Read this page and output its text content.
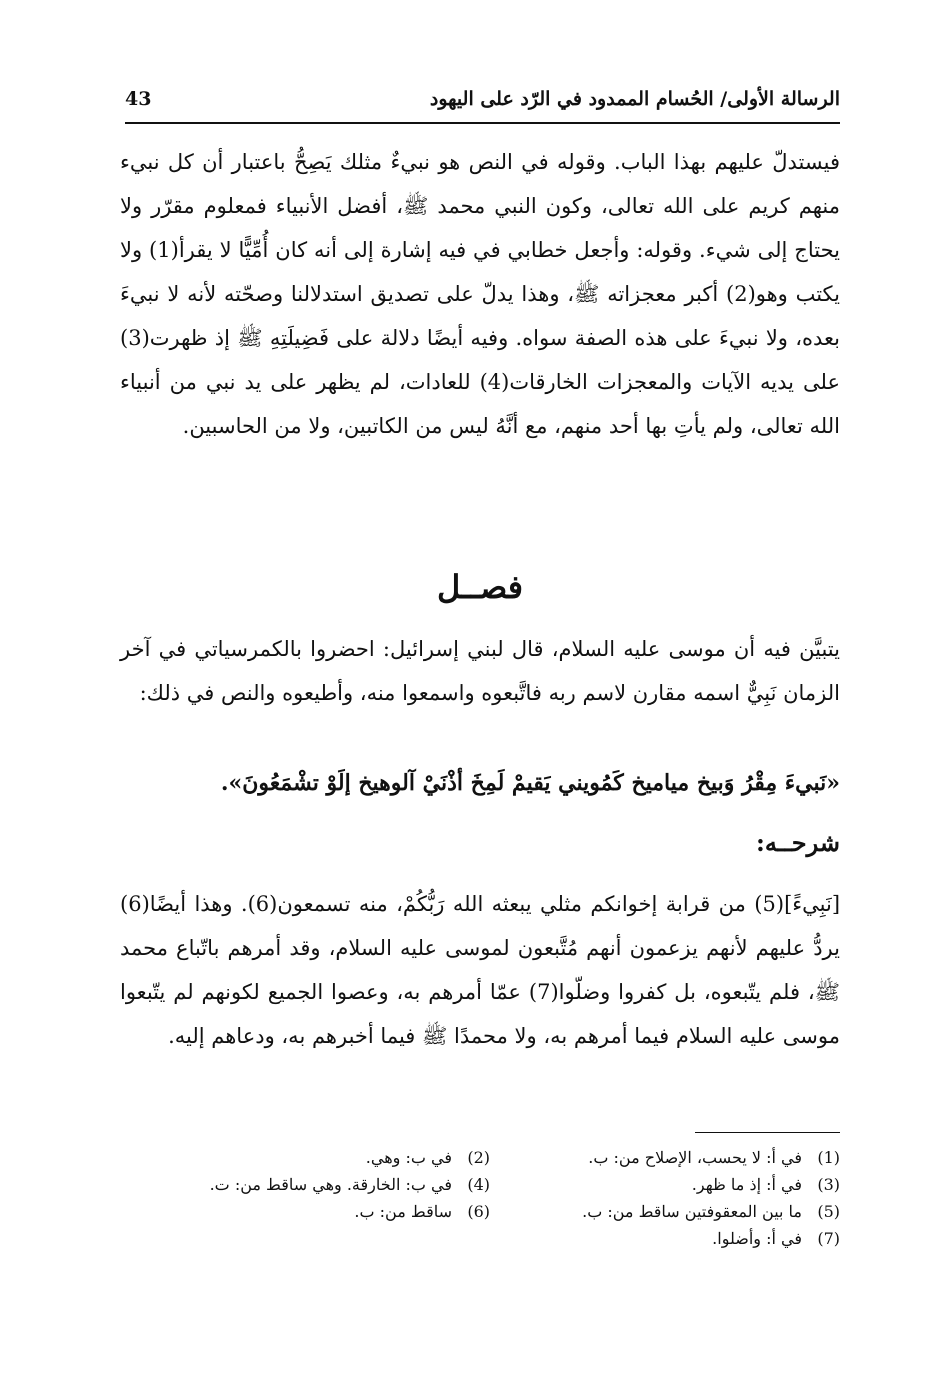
الرسالة الأولى/ الحُسام الممدود في الرّد على اليهود
43

فيستدلّ عليهم بهذا الباب. وقوله في النص هو نبيءٌ مثلك يَصِحُّ باعتبار أن كل نبيء منهم كريم على الله تعالى، وكون النبي محمد ﷺ، أفضل الأنبياء فمعلوم مقرّر ولا يحتاج إلى شيء. وقوله: وأجعل خطابي في فيه إشارة إلى أنه كان أُمِّيًّا لا يقرأ(1) ولا يكتب وهو(2) أكبر معجزاته ﷺ، وهذا يدلّ على تصديق استدلالنا وصحّته لأنه لا نبيءَ بعده، ولا نبيءَ على هذه الصفة سواه. وفيه أيضًا دلالة على فَضِيلَتِهِ ﷺ إذ ظهرت(3) على يديه الآيات والمعجزات الخارقات(4) للعادات، لم يظهر على يد نبي من أنبياء الله تعالى، ولم يأتِ بها أحد منهم، مع أنَّهُ ليس من الكاتبين، ولا من الحاسبين.

فصــل

يتبيَّن فيه أن موسى عليه السلام، قال لبني إسرائيل: احضروا بالكمرسياتي في آخر الزمان نَبِيٌّ اسمه مقارن لاسم ربه فاتَّبعوه واسمعوا منه، وأطيعوه والنص في ذلك:

«نَبيءَ مِقْرُ وَبيخ مياميخ كَمُويني يَقيمْ لَمِخَ أذْنَيْ آلوهيخ إلَوْ تشْمَعُونَ».
شرحــه:

[نَبِيءً](5) من قرابة إخوانكم مثلي يبعثه الله رَبُّكُمْ، منه تسمعون(6). وهذا أيضًا(6) يردُّ عليهم لأنهم يزعمون أنهم مُتَّبعون لموسى عليه السلام، وقد أمرهم باتّباع محمد ﷺ، فلم يتّبعوه، بل كفروا وضلّوا(7) عمّا أمرهم به، وعصوا الجميع لكونهم لم يتّبعوا موسى عليه السلام فيما أمرهم به، ولا محمدًا ﷺ فيما أخبرهم به، ودعاهم إليه.

(1)
في أ: لا يحسب، الإصلاح من: ب.
(2)
في ب: وهي.
(3)
في أ: إذ ما ظهر.
(4)
في ب: الخارقة. وهي ساقط من: ت.
(5)
ما بين المعقوفتين ساقط من: ب.
(6)
ساقط من: ب.
(7)
في أ: وأضلوا.
